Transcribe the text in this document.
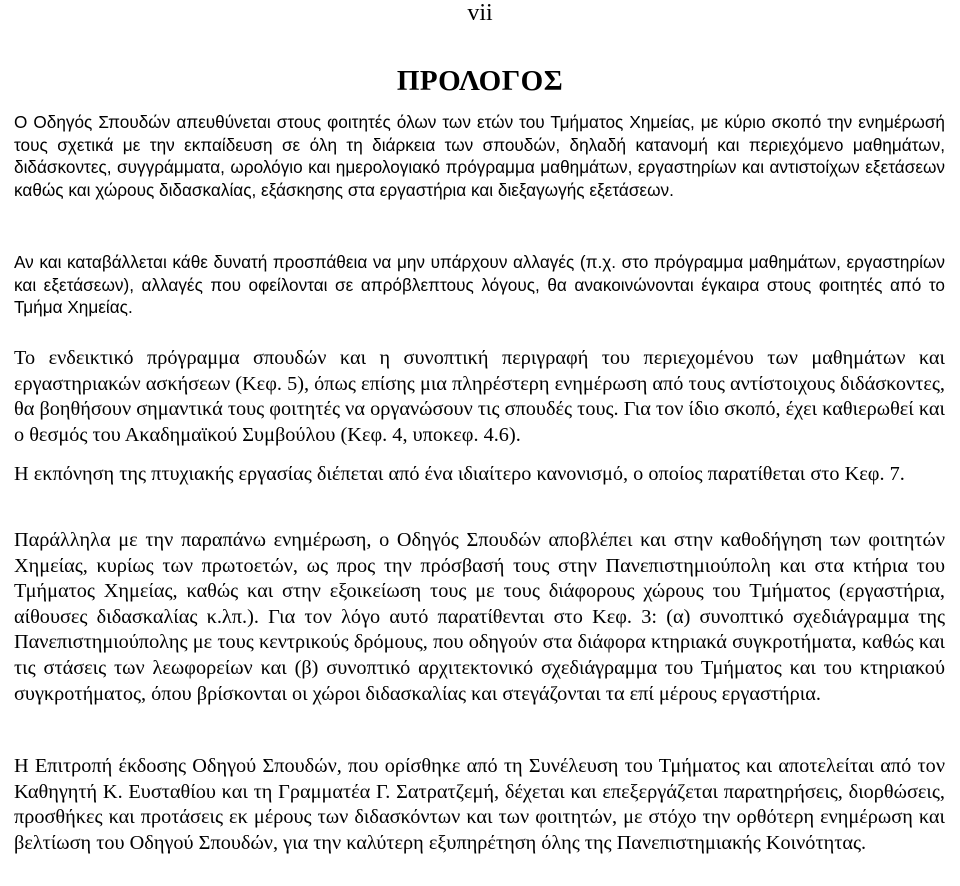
vii
ΠΡΟΛΟΓΟΣ

Ο Οδηγός Σπουδών απευθύνεται στους φοιτητές όλων των ετών του Τμήματος Χημείας, με κύριο σκοπό την ενημέρωσή τους σχετικά με την εκπαίδευση σε όλη τη διάρκεια των σπουδών, δηλαδή κατανομή και περιεχόμενο μαθημάτων, διδάσκοντες, συγγράμματα, ωρολόγιο και ημερολογιακό πρόγραμμα μαθημάτων, εργαστηρίων και αντιστοίχων εξετάσεων καθώς και χώρους διδασκαλίας, εξάσκησης στα εργαστήρια και διεξαγωγής εξετάσεων.

Αν και καταβάλλεται κάθε δυνατή προσπάθεια να μην υπάρχουν αλλαγές (π.χ. στο πρόγραμμα μαθημάτων, εργαστηρίων και εξετάσεων), αλλαγές που οφείλονται σε απρόβλεπτους λόγους, θα ανακοινώνονται έγκαιρα στους φοιτητές από το Τμήμα Χημείας.

Το ενδεικτικό πρόγραμμα σπουδών και η συνοπτική περιγραφή του περιεχομένου των μαθημάτων και εργαστηριακών ασκήσεων (Κεφ. 5), όπως επίσης μια πληρέστερη ενημέρωση από τους αντίστοιχους διδάσκοντες, θα βοηθήσουν σημαντικά τους φοιτητές να οργανώσουν τις σπουδές τους. Για τον ίδιο σκοπό, έχει καθιερωθεί και ο θεσμός του Ακαδημαϊκού Συμβούλου (Κεφ. 4, υποκεφ. 4.6).

Η εκπόνηση της πτυχιακής εργασίας διέπεται από ένα ιδιαίτερο κανονισμό, ο οποίος παρατίθεται στο Κεφ. 7.

Παράλληλα με την παραπάνω ενημέρωση, ο Οδηγός Σπουδών αποβλέπει και στην καθοδήγηση των φοιτητών Χημείας, κυρίως των πρωτοετών, ως προς την πρόσβασή τους στην Πανεπιστημιούπολη και στα κτήρια του Τμήματος Χημείας, καθώς και στην εξοικείωση τους με τους διάφορους χώρους του Τμήματος (εργαστήρια, αίθουσες διδασκαλίας κ.λπ.). Για τον λόγο αυτό παρατίθενται στο Κεφ. 3: (α) συνοπτικό σχεδιάγραμμα της Πανεπιστημιούπολης με τους κεντρικούς δρόμους, που οδηγούν στα διάφορα κτηριακά συγκροτήματα, καθώς και τις στάσεις των λεωφορείων και (β) συνοπτικό αρχιτεκτονικό σχεδιάγραμμα του Τμήματος και του κτηριακού συγκροτήματος, όπου βρίσκονται οι χώροι διδασκαλίας και στεγάζονται τα επί μέρους εργαστήρια.

Η Επιτροπή έκδοσης Οδηγού Σπουδών, που ορίσθηκε από τη Συνέλευση του Τμήματος και αποτελείται από τον Καθηγητή Κ. Ευσταθίου και τη Γραμματέα Γ. Σατρατζεμή, δέχεται και επεξεργάζεται παρατηρήσεις, διορθώσεις, προσθήκες και προτάσεις εκ μέρους των διδασκόντων και των φοιτητών, με στόχο την ορθότερη ενημέρωση και βελτίωση του Οδηγού Σπουδών, για την καλύτερη εξυπηρέτηση όλης της Πανεπιστημιακής Κοινότητας.
